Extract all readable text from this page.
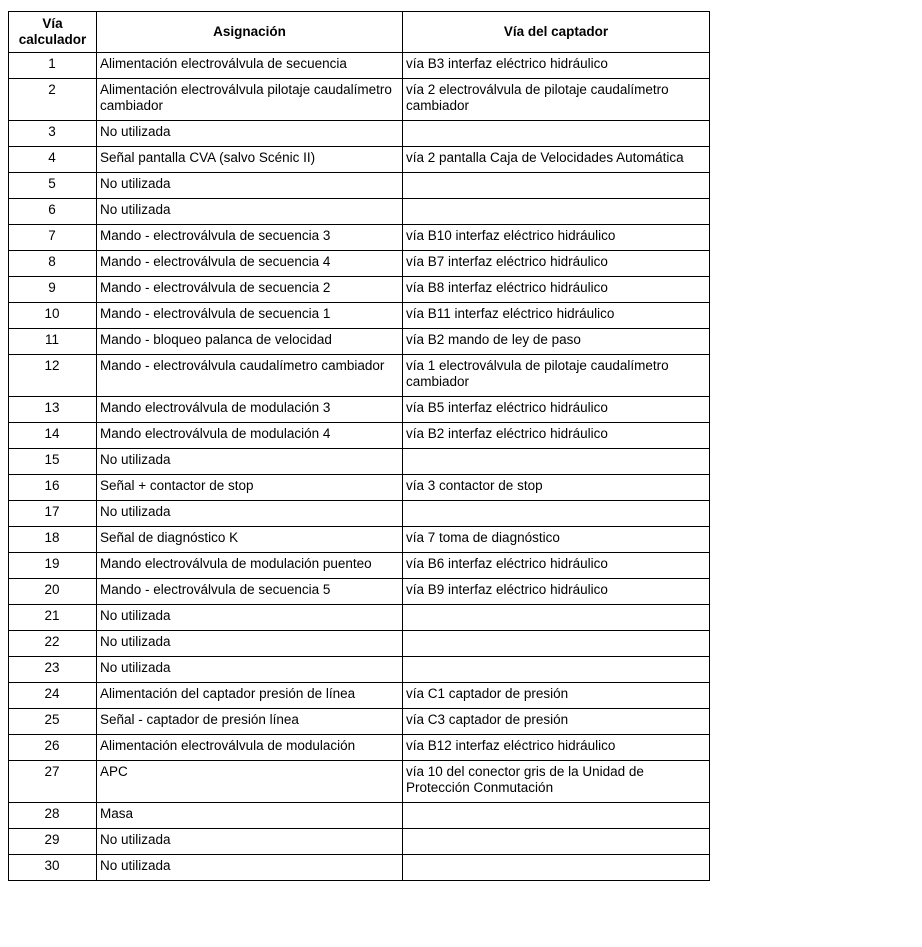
Vía calculador	Asignación	Vía del captador
1	Alimentación electroválvula de secuencia	vía B3 interfaz eléctrico hidráulico
2	Alimentación electroválvula pilotaje caudalímetro cambiador	vía 2 electroválvula de pilotaje caudalímetro cambiador
3	No utilizada	
4	Señal pantalla CVA (salvo Scénic II)	vía 2 pantalla Caja de Velocidades Automática
5	No utilizada	
6	No utilizada	
7	Mando - electroválvula de secuencia 3	vía B10 interfaz eléctrico hidráulico
8	Mando - electroválvula de secuencia 4	vía B7 interfaz eléctrico hidráulico
9	Mando - electroválvula de secuencia 2	vía B8 interfaz eléctrico hidráulico
10	Mando - electroválvula de secuencia 1	vía B11 interfaz eléctrico hidráulico
11	Mando - bloqueo palanca de velocidad	vía B2 mando de ley de paso
12	Mando - electroválvula caudalímetro cambiador	vía 1 electroválvula de pilotaje caudalímetro cambiador
13	Mando electroválvula de modulación 3	vía B5 interfaz eléctrico hidráulico
14	Mando electroválvula de modulación 4	vía B2 interfaz eléctrico hidráulico
15	No utilizada	
16	Señal + contactor de stop	vía 3 contactor de stop
17	No utilizada	
18	Señal de diagnóstico K	vía 7 toma de diagnóstico
19	Mando electroválvula de modulación puenteo	vía B6 interfaz eléctrico hidráulico
20	Mando - electroválvula de secuencia 5	vía B9 interfaz eléctrico hidráulico
21	No utilizada	
22	No utilizada	
23	No utilizada	
24	Alimentación del captador presión de línea	vía C1 captador de presión
25	Señal - captador de presión línea	vía C3 captador de presión
26	Alimentación electroválvula de modulación	vía B12 interfaz eléctrico hidráulico
27	APC	vía 10 del conector gris de la Unidad de Protección Conmutación
28	Masa	
29	No utilizada	
30	No utilizada	
